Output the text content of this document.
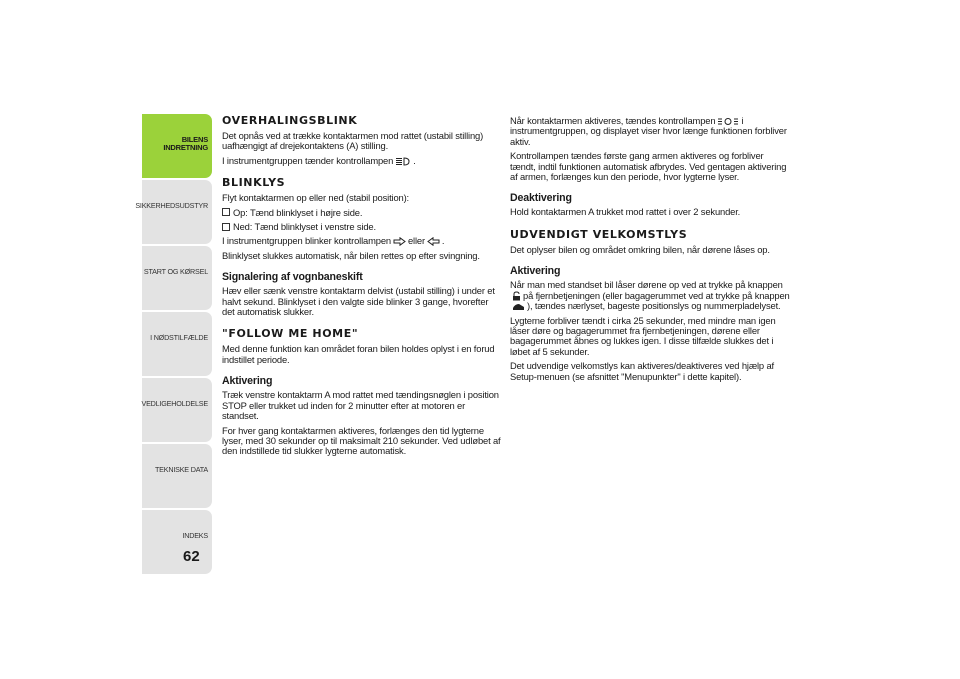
BILENS
INDRETNING
SIKKERHEDSUDSTYR
START OG KØRSEL
I NØDSTILFÆLDE
VEDLIGEHOLDELSE
TEKNISKE DATA
INDEKS
62
OVERHALINGSBLINK

Det opnås ved at trække kontaktarmen mod rattet (ustabil stilling) uafhængigt af drejekontaktens (A) stilling.

I instrumentgruppen tænder kontrollampen .

BLINKLYS

Flyt kontaktarmen op eller ned (stabil position):

Op: Tænd blinklyset i højre side.

Ned: Tænd blinklyset i venstre side.

I instrumentgruppen blinker kontrollampen eller .

Blinklyset slukkes automatisk, når bilen rettes op efter svingning.

Signalering af vognbaneskift

Hæv eller sænk venstre kontaktarm delvist (ustabil stilling) i under et halvt sekund. Blinklyset i den valgte side blinker 3 gange, hvorefter det automatisk slukker.

"FOLLOW ME HOME"

Med denne funktion kan området foran bilen holdes oplyst i en forud indstillet periode.

Aktivering

Træk venstre kontaktarm A mod rattet med tændingsnøglen i position STOP eller trukket ud inden for 2 minutter efter at motoren er standset.

For hver gang kontaktarmen aktiveres, forlænges den tid lygterne lyser, med 30 sekunder op til maksimalt 210 sekunder. Ved udløbet af den indstillede tid slukker lygterne automatisk.

Når kontaktarmen aktiveres, tændes kontrollampen	i instrumentgruppen, og displayet viser hvor længe funktionen forbliver aktiv.

Kontrollampen tændes første gang armen aktiveres og forbliver tændt, indtil funktionen automatisk afbrydes. Ved gentagen aktivering af armen, forlænges kun den periode, hvor lygterne lyser.

Deaktivering

Hold kontaktarmen A trukket mod rattet i over 2 sekunder.

UDVENDIGT VELKOMSTLYS

Det oplyser bilen og området omkring bilen, når dørene låses op.

Aktivering

Når man med standset bil låser dørene op ved at trykke på knappen

på fjernbetjeningen (eller bagagerummet ved at trykke på knappen

), tændes nærlyset, bageste positionslys og nummerpladelyset.

Lygterne forbliver tændt i cirka 25 sekunder, med mindre man igen låser døre og bagagerummet fra fjernbetjeningen, dørene eller bagagerummet åbnes og lukkes igen. I disse tilfælde slukkes det i løbet af 5 sekunder.

Det udvendige velkomstlys kan aktiveres/deaktiveres ved hjælp af Setup-menuen (se afsnittet "Menupunkter" i dette kapitel).
